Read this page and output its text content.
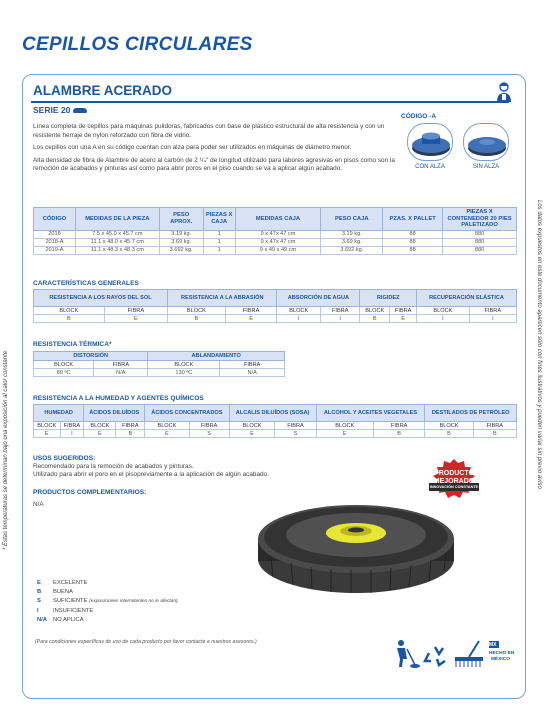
CEPILLOS CIRCULARES
* Estas temperaturas se determinan bajo una exposición al calor constante.	Los datos expuestos en este documento aparecen sólo con fines ilustrativos y pueden variar sin previo aviso.
ALAMBRE ACERADO
SERIE 20

Línea completa de cepillos para máquinas pulidoras, fabricados con base de plástico estructural de alta resistencia y con un resistente herraje de nylon reforzado con fibra de vidrio.

Los cepillos con una A en su código cuentan con alza para poder ser utilizados en máquinas de diámetro menor.

Alta densidad de fibra de Alambre de acero al carbón de 2 ¹/₄" de longitud utilizado para labores agresivas en pisos como son la remoción de acabados y pinturas así como para abrir poros en el piso cuando se va a aplicar algún acabado.

CÓDIGO -A
CON ALZA	SIN ALZA
CÓDIGO	MEDIDAS DE LA PIEZA	PESO APROX.	PIEZAS X CAJA	MEDIDAS CAJA	PESO CAJA	PZAS. X PALLET	PIEZAS X CONTENEDOR 20 PIES PALETIZADO
2018	7.5 x 45.0 x 45.7 cm	3.19 kg.	1	9 x 47x 47 cm	3.19 kg.	88	880
2018-A	11.1 x 48.0 x 45.7 cm	3.69 kg.	1	9 x 47x 47 cm	3.69 kg.	88	880
2019-A	11.1 x 48.3 x 48.3 cm	3.692 kg.	1	9 x 49 x 49 cm	3.692 kg.	88	880
CARACTERÍSTICAS GENERALES
RESISTENCIA A LOS RAYOS DEL SOL		RESISTENCIA A LA ABRASIÓN		ABSORCIÓN DE AGUA		RIGIDEZ		RECUPERACIÓN ELÁSTICA	
BLOCK	FIBRA	BLOCK	FIBRA	BLOCK	FIBRA	BLOCK	FIBRA	BLOCK	FIBRA
B	E	B	E	I	I	B	E	I	I
RESISTENCIA TÉRMICA*
DISTORSIÓN		ABLANDAMIENTO	
BLOCK	FIBRA	BLOCK	FIBRA
80 ºC	N/A	130 ºC	N/A
RESISTENCIA A LA HUMEDAD Y AGENTES QUÍMICOS
HUMEDAD		ÁCIDOS DILUÍDOS		ÁCIDOS CONCENTRADOS		ALCALIS DILUÍDOS (SOSA)		ALCOHOL Y ACEITES VEGETALES		DESTILADOS DE PETRÓLEO	
BLOCK	FIBRA	BLOCK	FIBRA	BLOCK	FIBRA	BLOCK	FIBRA	BLOCK	FIBRA	BLOCK	FIBRA
E	I	E	B	E	S	E	S	E	B	B	B
USOS SUGERIDOS:
Recomendado para la remoción de acabados y pinturas.
Utilizado para abrir el poro en el pisopreviamente a la aplicación de algún acabado.
PRODUCTOS COMPLEMENTARIOS:
N/A
PRODUCTO
MEJORADO
INNOVACIÓN CONSTANTE
E EXCELENTE
B BUENA
S SUFICIENTE (exposiciones intermitentes no le afectan).
I INSUFICIENTE
N/A NO APLICA
(Para condiciones específicas de uso de cada producto por favor contacte a nuestros asesores.)	MX
HECHO EN
MÉXICO
